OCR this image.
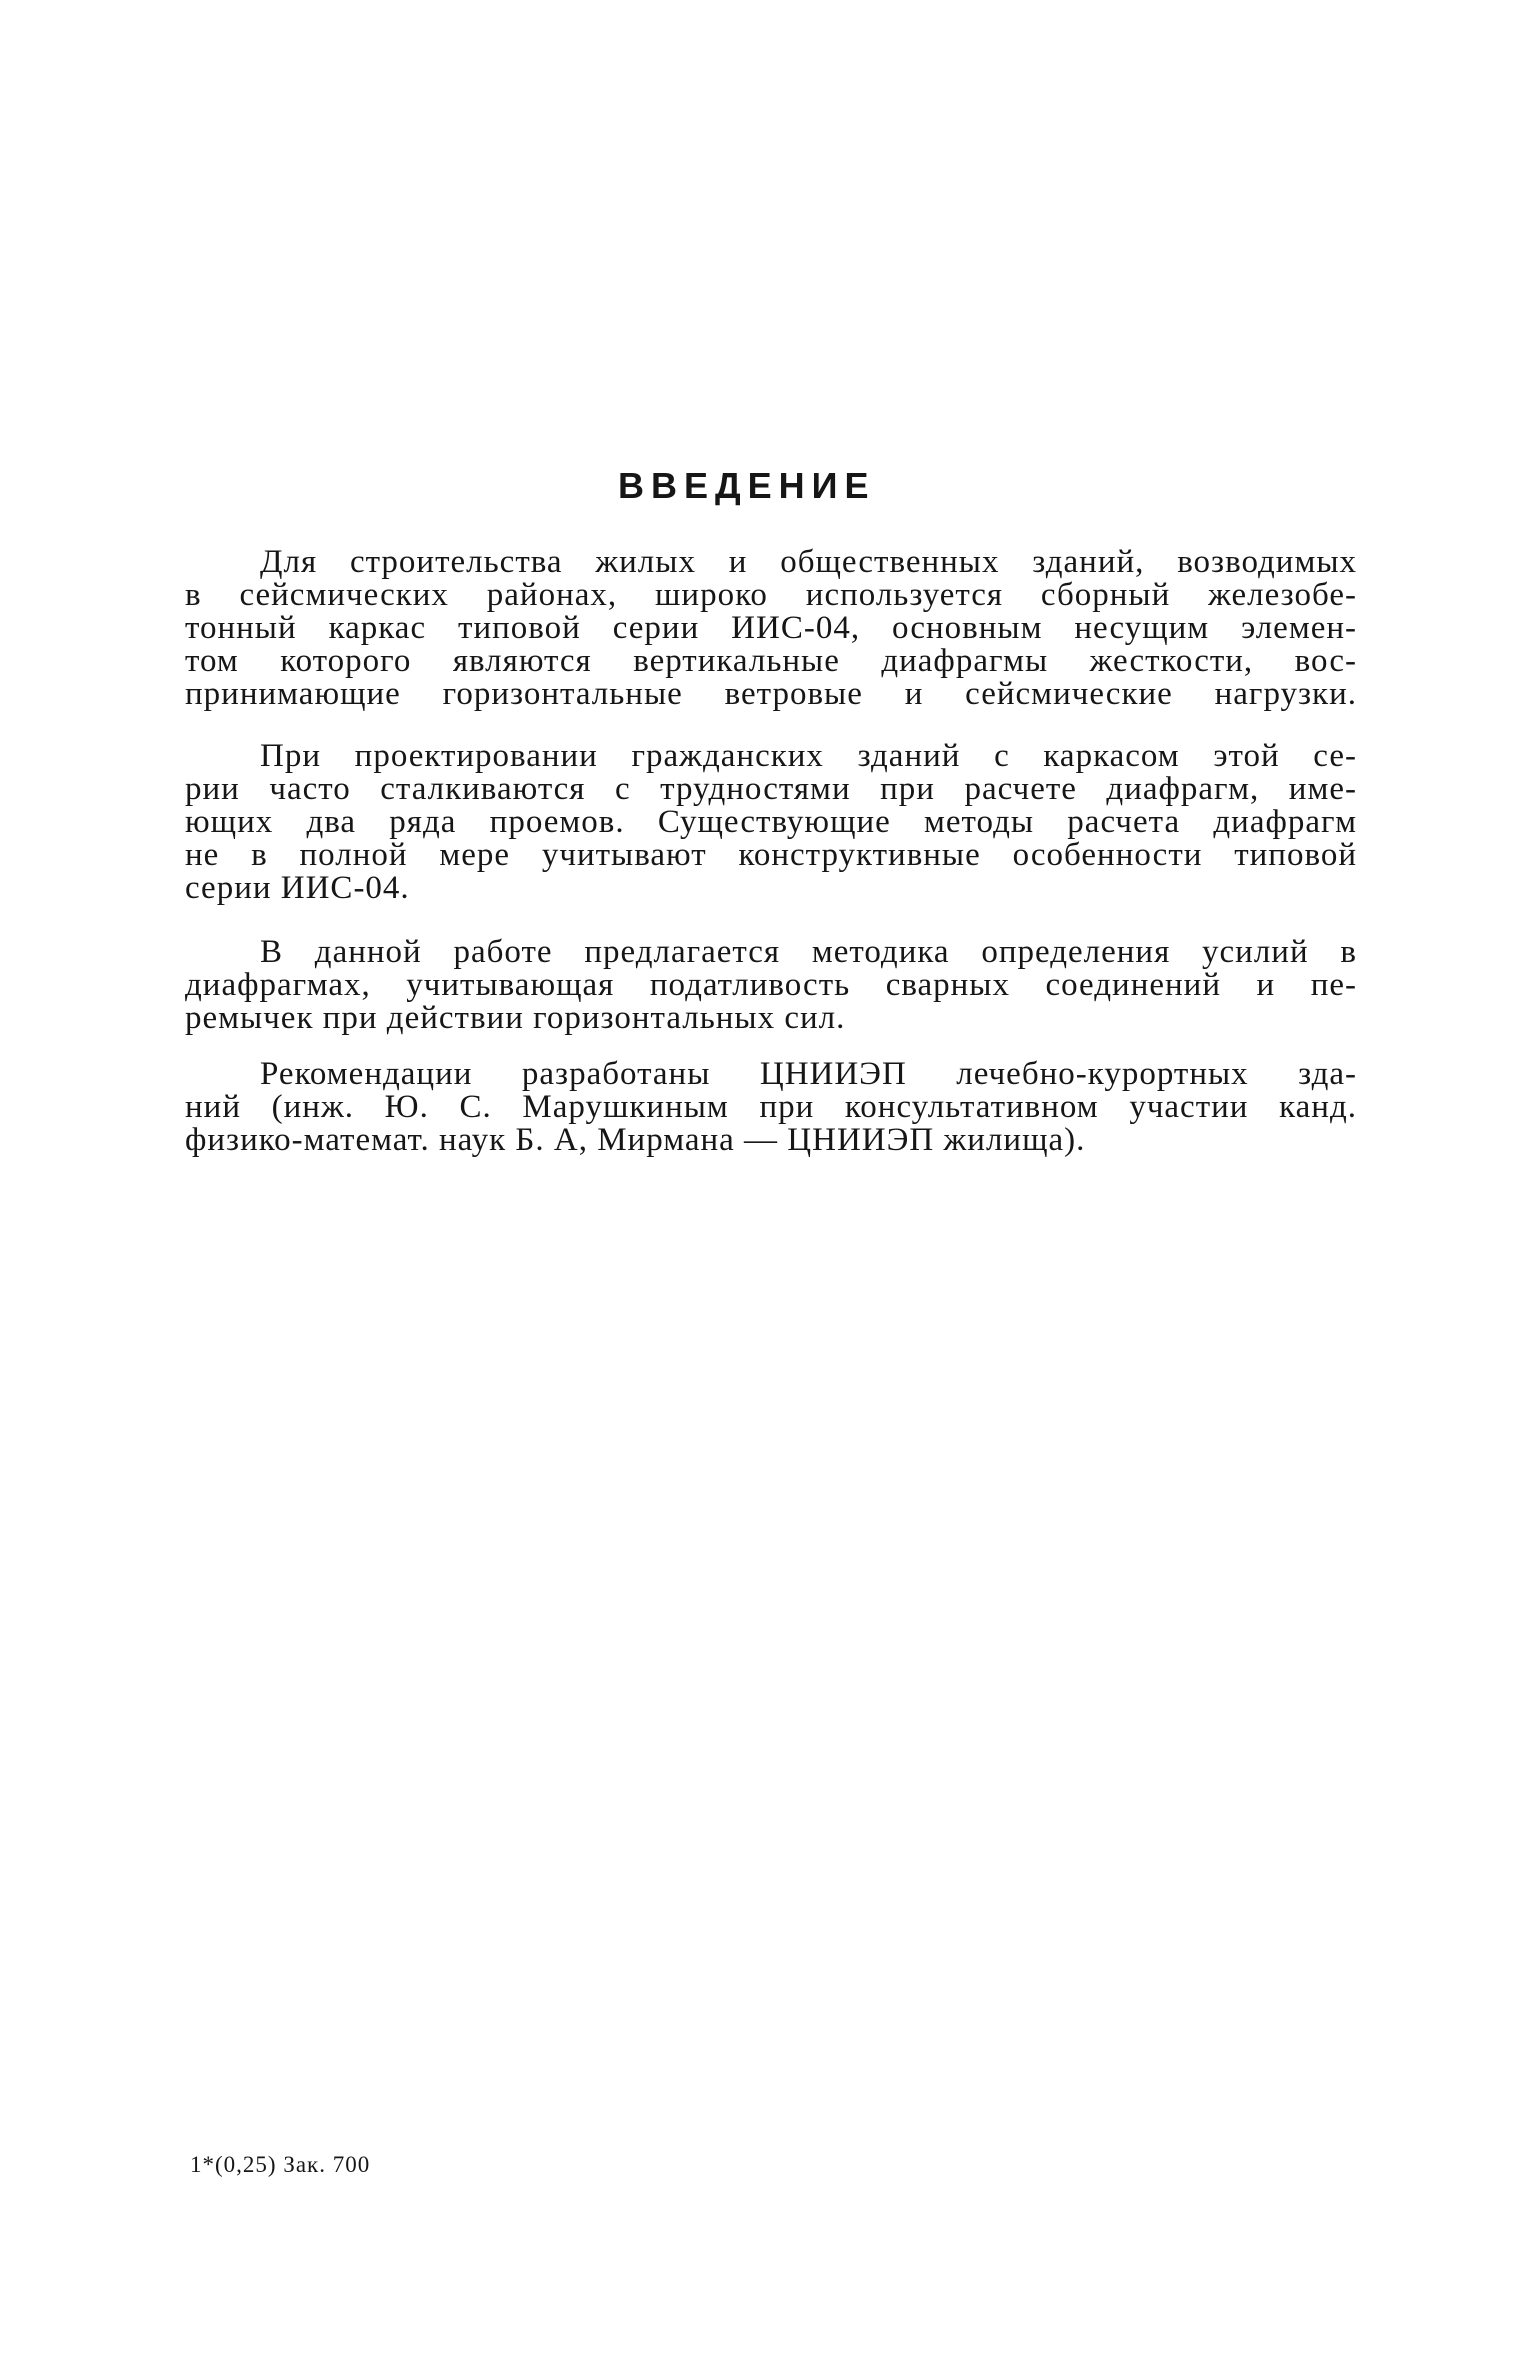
ВВЕДЕНИЕ
Для строительства жилых и общественных зданий, возводимых
в сейсмических районах, широко используется сборный железобе-
тонный каркас типовой серии ИИС-04, основным несущим элемен-
том которого являются вертикальные диафрагмы жесткости, вос-
принимающие горизонтальные ветровые и сейсмические нагрузки.
При проектировании гражданских зданий с каркасом этой се-
рии часто сталкиваются с трудностями при расчете диафрагм, име-
ющих два ряда проемов. Существующие методы расчета диафрагм
не в полной мере учитывают конструктивные особенности типовой
серии ИИС-04.
В данной работе предлагается методика определения усилий в
диафрагмах, учитывающая податливость сварных соединений и пе-
ремычек при действии горизонтальных сил.
Рекомендации разработаны ЦНИИЭП лечебно-курортных зда-
ний (инж. Ю. С. Марушкиным при консультативном участии канд.
физико-математ. наук Б. А, Мирмана — ЦНИИЭП жилища).
1*(0,25) Зак. 700
